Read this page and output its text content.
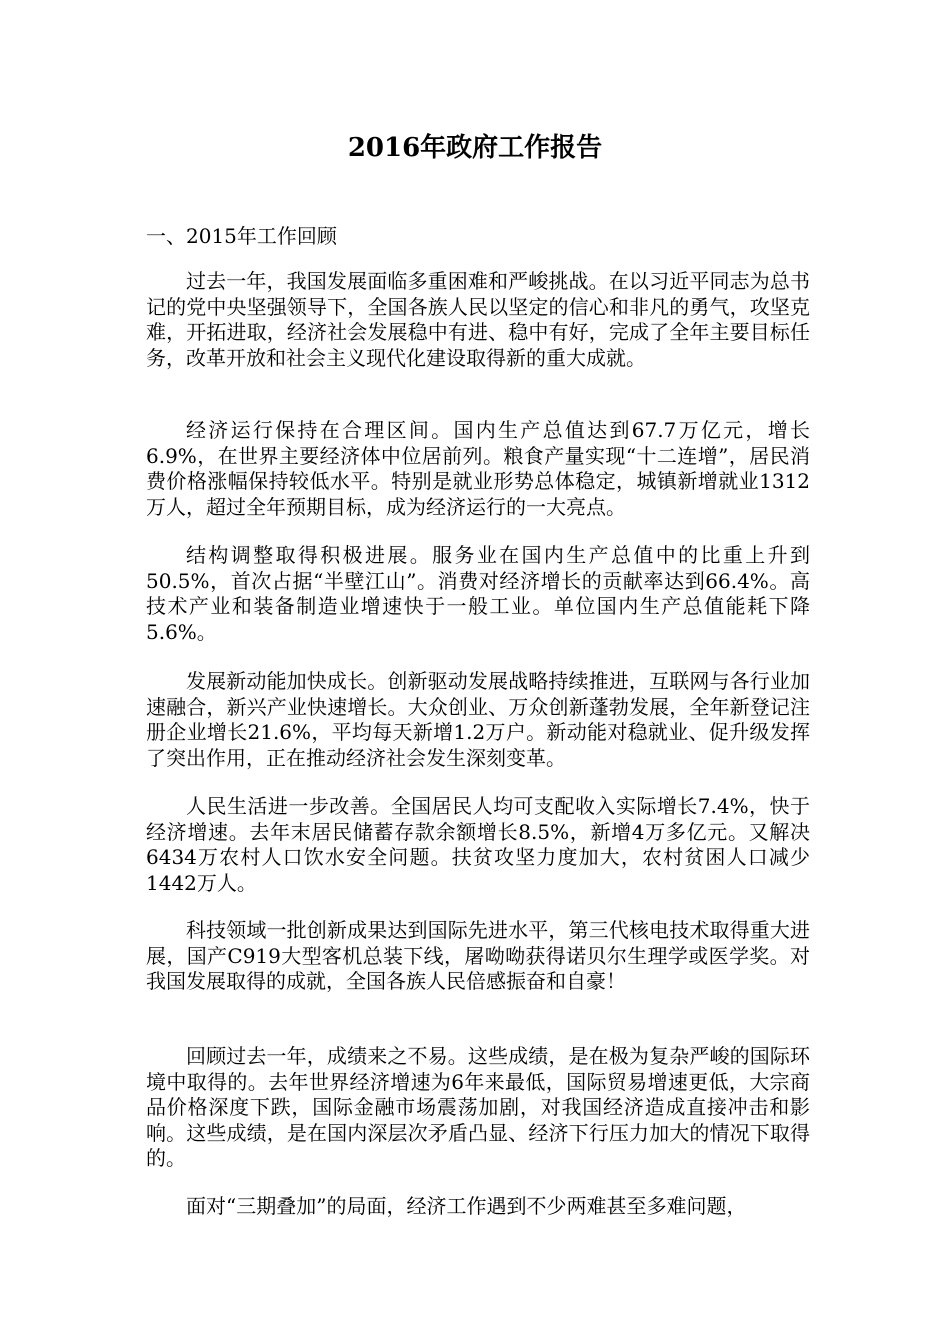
2016年政府工作报告

一、2015年工作回顾

过去一年，我国发展面临多重困难和严峻挑战。在以习近平同志为总书记的党中央坚强领导下，全国各族人民以坚定的信心和非凡的勇气，攻坚克难，开拓进取，经济社会发展稳中有进、稳中有好，完成了全年主要目标任务，改革开放和社会主义现代化建设取得新的重大成就。

经济运行保持在合理区间。国内生产总值达到67.7万亿元，增长6.9%，在世界主要经济体中位居前列。粮食产量实现“十二连增”，居民消费价格涨幅保持较低水平。特别是就业形势总体稳定，城镇新增就业1312万人，超过全年预期目标，成为经济运行的一大亮点。

结构调整取得积极进展。服务业在国内生产总值中的比重上升到50.5%，首次占据“半壁江山”。消费对经济增长的贡献率达到66.4%。高技术产业和装备制造业增速快于一般工业。单位国内生产总值能耗下降5.6%。

发展新动能加快成长。创新驱动发展战略持续推进，互联网与各行业加速融合，新兴产业快速增长。大众创业、万众创新蓬勃发展，全年新登记注册企业增长21.6%，平均每天新增1.2万户。新动能对稳就业、促升级发挥了突出作用，正在推动经济社会发生深刻变革。

人民生活进一步改善。全国居民人均可支配收入实际增长7.4%，快于经济增速。去年末居民储蓄存款余额增长8.5%，新增4万多亿元。又解决6434万农村人口饮水安全问题。扶贫攻坚力度加大，农村贫困人口减少1442万人。

科技领域一批创新成果达到国际先进水平，第三代核电技术取得重大进展，国产C919大型客机总装下线，屠呦呦获得诺贝尔生理学或医学奖。对我国发展取得的成就，全国各族人民倍感振奋和自豪！

回顾过去一年，成绩来之不易。这些成绩，是在极为复杂严峻的国际环境中取得的。去年世界经济增速为6年来最低，国际贸易增速更低，大宗商品价格深度下跌，国际金融市场震荡加剧，对我国经济造成直接冲击和影响。这些成绩，是在国内深层次矛盾凸显、经济下行压力加大的情况下取得的。

面对“三期叠加”的局面，经济工作遇到不少两难甚至多难问题，
